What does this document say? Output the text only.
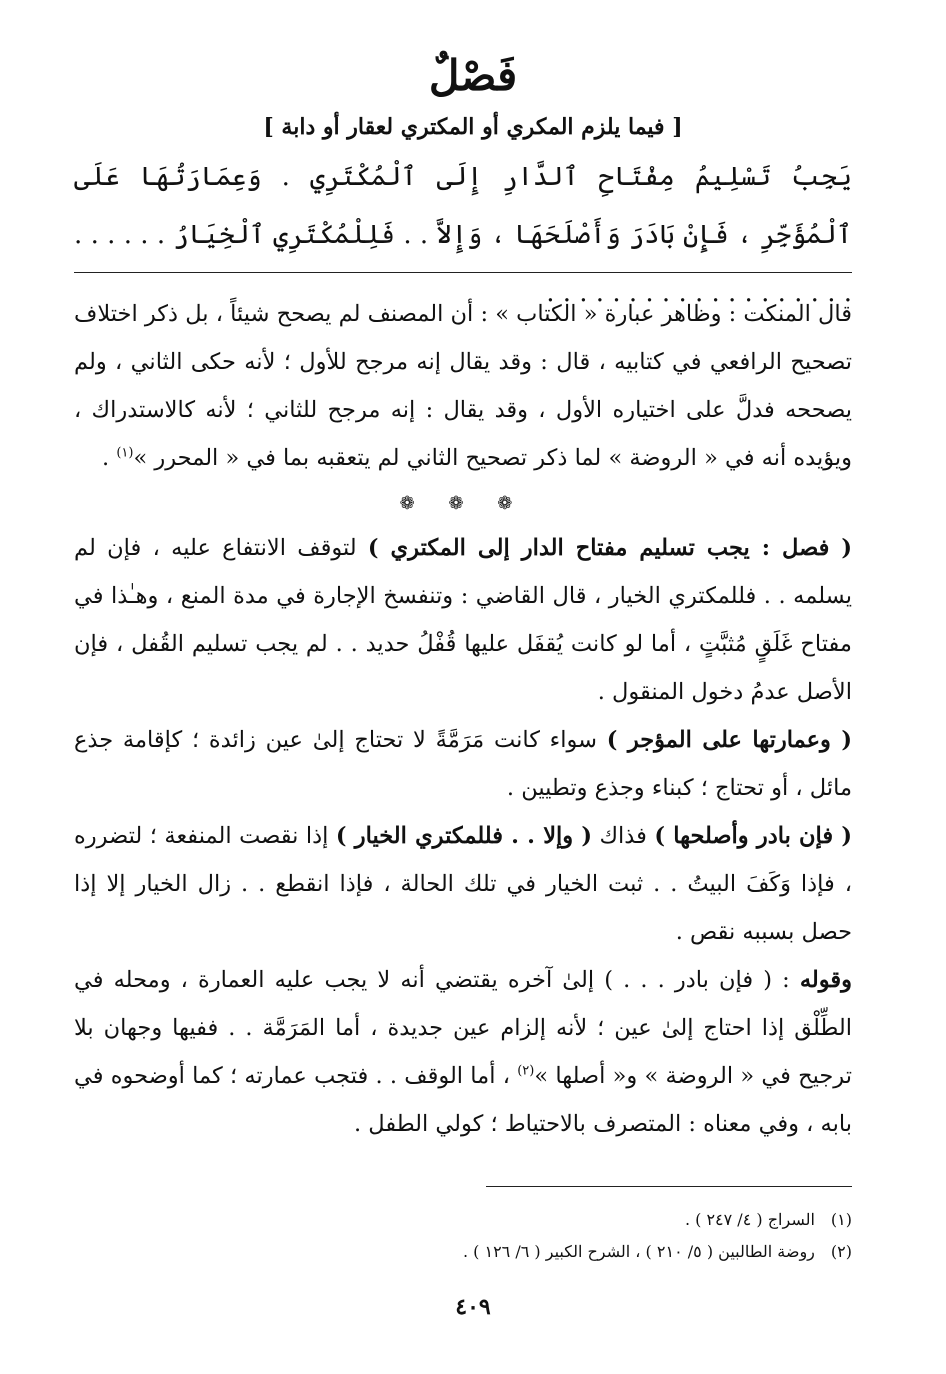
فَصْلٌ
[ فيما يلزم المكري أو المكتري لعقار أو دابة ]
يَجِبُ تَسْلِيمُ مِفْتَاحِ ٱلدَّارِ إِلَى ٱلْمُكْتَرِي . وَعِمَارَتُهَا عَلَى ٱلْمُؤَجِّرِ ، فَإِنْ بَادَرَ وَأَصْلَحَهَا ، وَإِلاَّ . . فَلِلْمُكْتَرِي ٱلْخِيَارُ . . . . . . . . . . . . . . . . . . . . . . . . .

قال المنكت : وظاهر عبارة « الكتاب » : أن المصنف لم يصحح شيئاً ، بل ذكر اختلاف تصحيح الرافعي في كتابيه ، قال : وقد يقال إنه مرجح للأول ؛ لأنه حكى الثاني ، ولم يصححه فدلَّ على اختياره الأول ، وقد يقال : إنه مرجح للثاني ؛ لأنه كالاستدراك ، ويؤيده أنه في « الروضة » لما ذكر تصحيح الثاني لم يتعقبه بما في « المحرر »$^{(١)}$ .

❁ ❁ ❁

( فصل : يجب تسليم مفتاح الدار إلى المكتري ) لتوقف الانتفاع عليه ، فإن لم يسلمه . . فللمكتري الخيار ، قال القاضي : وتنفسخ الإجارة في مدة المنع ، وهـٰذا في مفتاح غَلَقٍ مُثبَّتٍ ، أما لو كانت يُقفَل عليها قُفْلُ حديد . . لم يجب تسليم القُفل ، فإن الأصل عدمُ دخول المنقول .

( وعمارتها على المؤجر ) سواء كانت مَرَمَّةً لا تحتاج إلىٰ عين زائدة ؛ كإقامة جذع مائل ، أو تحتاج ؛ كبناء وجذع وتطيين .

( فإن بادر وأصلحها ) فذاك ( وإلا . . فللمكتري الخيار ) إذا نقصت المنفعة ؛ لتضرره ، فإذا وَكَفَ البيتُ . . ثبت الخيار في تلك الحالة ، فإذا انقطع . . زال الخيار إلا إذا حصل بسببه نقص .

وقوله : ( فإن بادر . . . ) إلىٰ آخره يقتضي أنه لا يجب عليه العمارة ، ومحله في الطِّلْق إذا احتاج إلىٰ عين ؛ لأنه إلزام عين جديدة ، أما المَرَمَّة . . ففيها وجهان بلا ترجيح في « الروضة » و« أصلها »$^{(٢)}$ ، أما الوقف . . فتجب عمارته ؛ كما أوضحوه في بابه ، وفي معناه : المتصرف بالاحتياط ؛ كولي الطفل .

(١)
السراج ( ٤/ ٢٤٧ ) .
(٢)
روضة الطالبين ( ٥/ ٢١٠ ) ، الشرح الكبير ( ٦/ ١٢٦ ) .
٤٠٩
